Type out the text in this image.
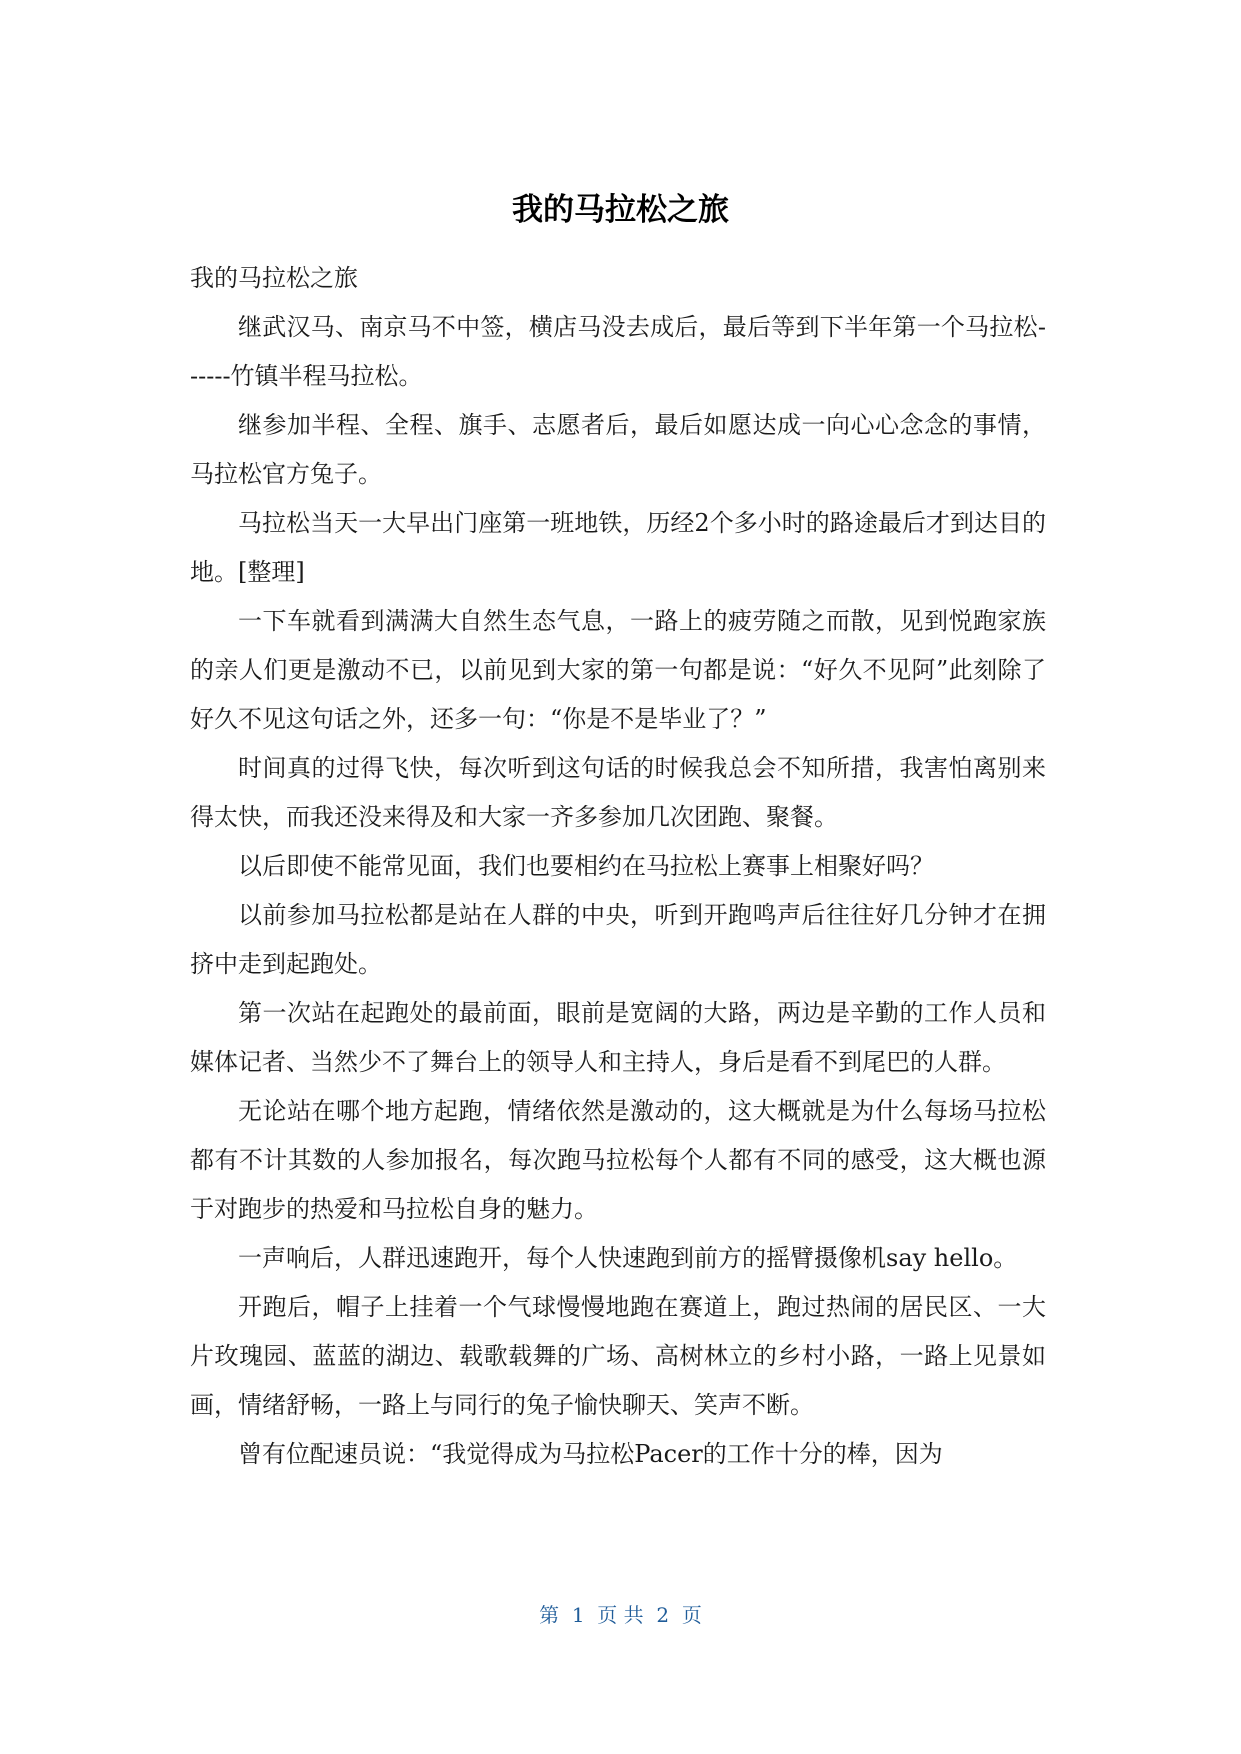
我的马拉松之旅

我的马拉松之旅

继武汉马、南京马不中签，横店马没去成后，最后等到下半年第一个马拉松------竹镇半程马拉松。

继参加半程、全程、旗手、志愿者后，最后如愿达成一向心心念念的事情，马拉松官方兔子。

马拉松当天一大早出门座第一班地铁，历经2个多小时的路途最后才到达目的地。[整理]

一下车就看到满满大自然生态气息，一路上的疲劳随之而散，见到悦跑家族的亲人们更是激动不已，以前见到大家的第一句都是说：“好久不见阿”此刻除了好久不见这句话之外，还多一句：“你是不是毕业了？”

时间真的过得飞快，每次听到这句话的时候我总会不知所措，我害怕离别来得太快，而我还没来得及和大家一齐多参加几次团跑、聚餐。

以后即使不能常见面，我们也要相约在马拉松上赛事上相聚好吗？

以前参加马拉松都是站在人群的中央，听到开跑鸣声后往往好几分钟才在拥挤中走到起跑处。

第一次站在起跑处的最前面，眼前是宽阔的大路，两边是辛勤的工作人员和媒体记者、当然少不了舞台上的领导人和主持人，身后是看不到尾巴的人群。

无论站在哪个地方起跑，情绪依然是激动的，这大概就是为什么每场马拉松都有不计其数的人参加报名，每次跑马拉松每个人都有不同的感受，这大概也源于对跑步的热爱和马拉松自身的魅力。

一声响后，人群迅速跑开，每个人快速跑到前方的摇臂摄像机say hello。

开跑后，帽子上挂着一个气球慢慢地跑在赛道上，跑过热闹的居民区、一大片玫瑰园、蓝蓝的湖边、载歌载舞的广场、高树林立的乡村小路，一路上见景如画，情绪舒畅，一路上与同行的兔子愉快聊天、笑声不断。

曾有位配速员说：“我觉得成为马拉松Pacer的工作十分的棒，因为

第  1  页 共  2  页
